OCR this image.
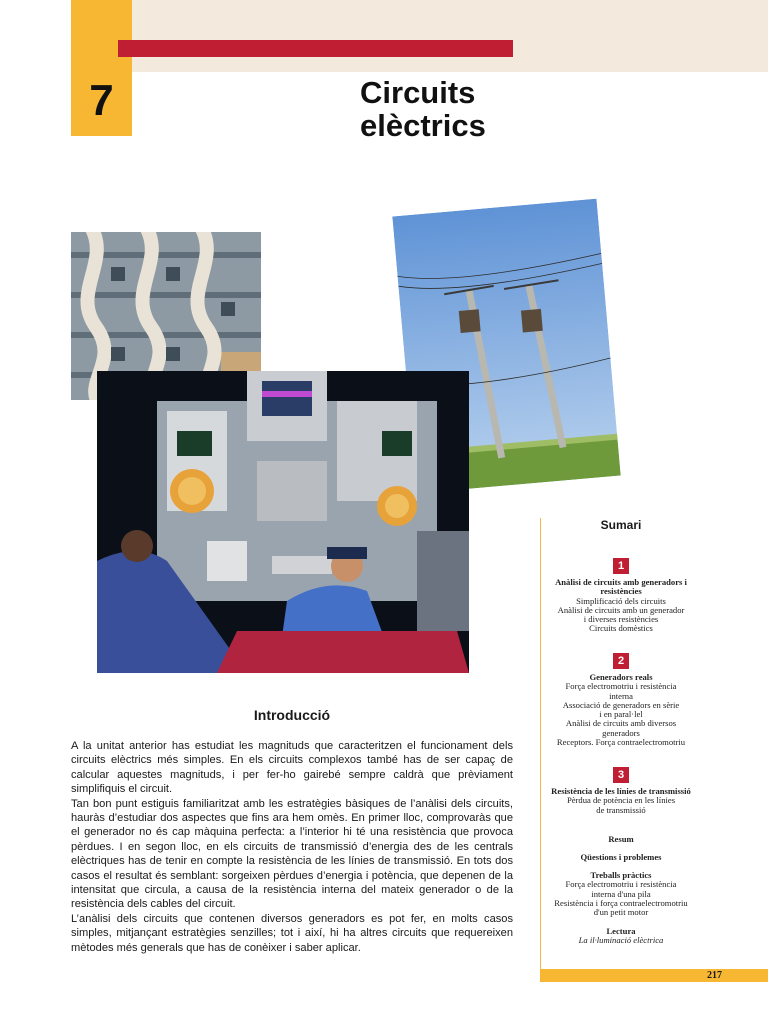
7	Circuits
elèctrics
Introducció

A la unitat anterior has estudiat les magnituds que caracteritzen el funcionament dels circuits elèctrics més simples. En els circuits complexos també has de ser capaç de calcular aquestes magnituds, i per fer-ho gairebé sempre caldrà que prèviament simplifiquis el circuit.

Tan bon punt estiguis familiaritzat amb les estratègies bàsiques de l’anàlisi dels circuits, hauràs d’estudiar dos aspectes que fins ara hem omès. En primer lloc, comprovaràs que el generador no és cap màquina perfecta: a l’interior hi té una resistència que provoca pèrdues. I en segon lloc, en els circuits de transmissió d’energia des de les centrals elèctriques has de tenir en compte la resistència de les línies de transmissió. En tots dos casos el resultat és semblant: sorgeixen pèrdues d’energia i potència, que depenen de la intensitat que circula, a causa de la resistència interna del mateix generador o de la resistència dels cables del circuit.

L’anàlisi dels circuits que contenen diversos generadors es pot fer, en molts casos simples, mitjançant estratègies senzilles; tot i així, hi ha altres circuits que requereixen mètodes més generals que has de conèixer i saber aplicar.

Sumari
1
Anàlisi de circuits amb generadors i resistències
Simplificació dels circuits
Anàlisi de circuits amb un generador
i diverses resistències
Circuits domèstics
2
Generadors reals
Força electromotriu i resistència
interna
Associació de generadors en sèrie
i en paral·lel
Anàlisi de circuits amb diversos
generadors
Receptors. Força contraelectromotriu
3
Resistència de les línies de transmissió
Pèrdua de potència en les línies
de transmissió
Resum
Qüestions i problemes
Treballs pràctics
Força electromotriu i resistència
interna d'una pila
Resistència i força contraelectromotriu
d'un petit motor
Lectura
La il·luminació elèctrica
217
